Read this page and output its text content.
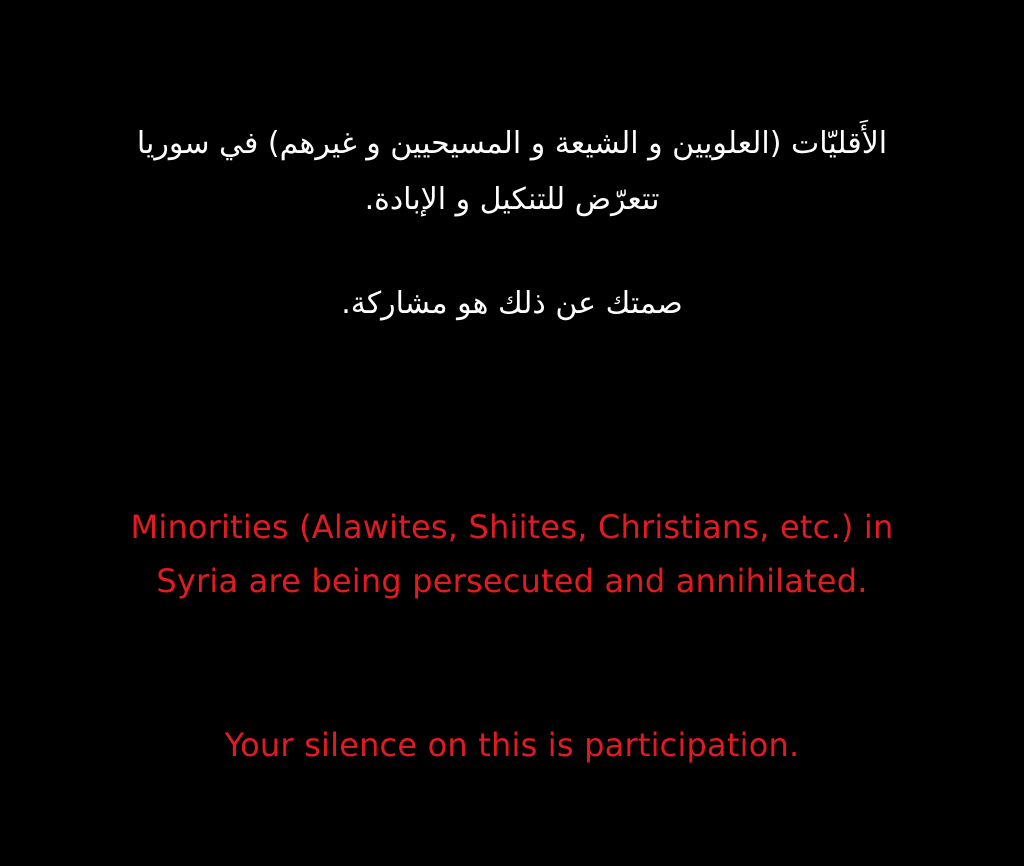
الأَقليّات (العلويين و الشيعة و المسيحيين و غيرهم) في سوريا
تتعرّض للتنكيل و الإبادة.
صمتك عن ذلك هو مشاركة.
Minorities (Alawites, Shiites, Christians, etc.) in
Syria are being persecuted and annihilated.
Your silence on this is participation.
